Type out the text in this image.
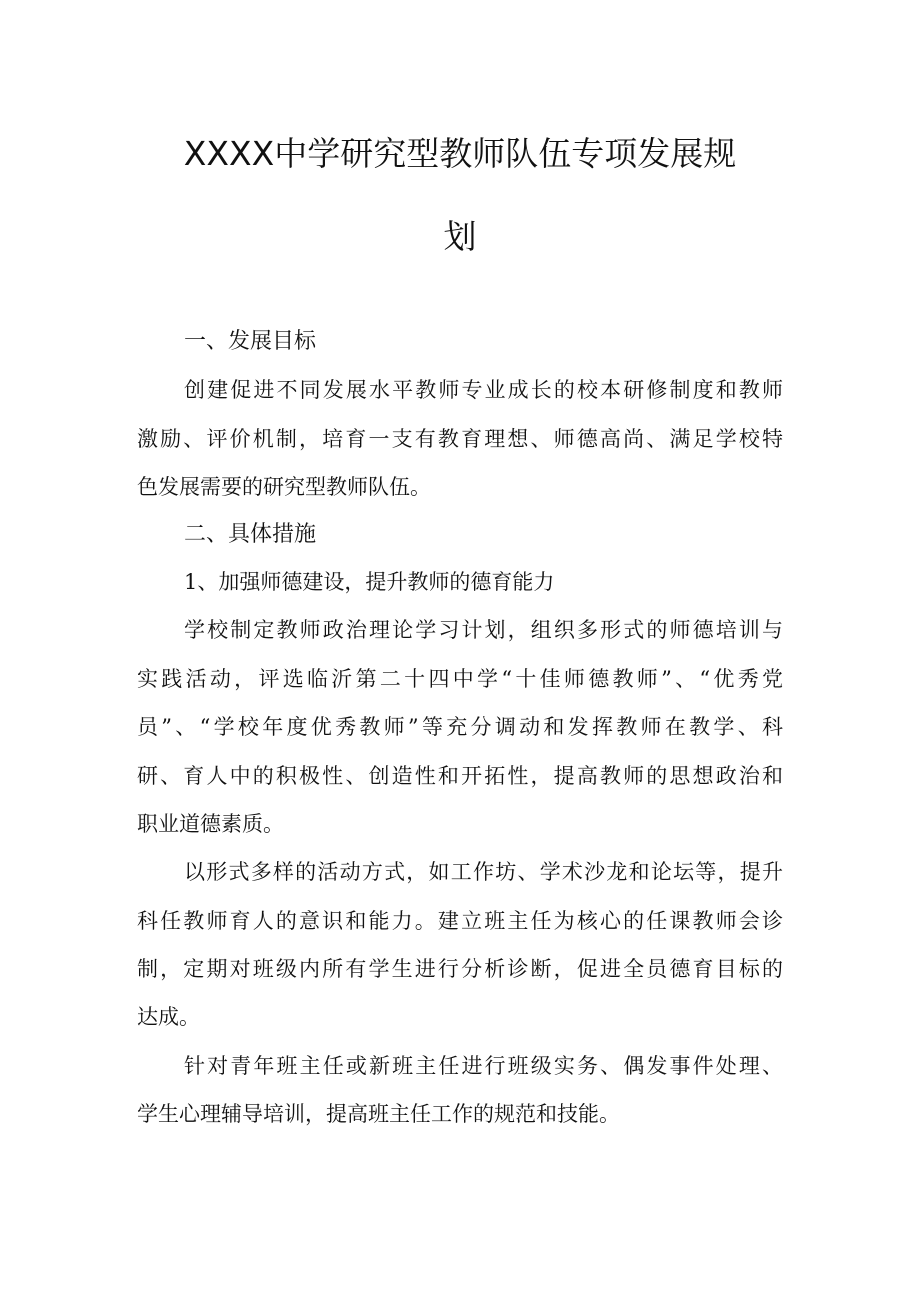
XXXX中学研究型教师队伍专项发展规
划
一、发展目标
创建促进不同发展水平教师专业成长的校本研修制度和教师
激励、评价机制，培育一支有教育理想、师德高尚、满足学校特
色发展需要的研究型教师队伍。
二、具体措施
1、加强师德建设，提升教师的德育能力
学校制定教师政治理论学习计划，组织多形式的师德培训与
实践活动，评选临沂第二十四中学“十佳师德教师”、“优秀党
员”、“学校年度优秀教师”等充分调动和发挥教师在教学、科
研、育人中的积极性、创造性和开拓性，提高教师的思想政治和
职业道德素质。
以形式多样的活动方式，如工作坊、学术沙龙和论坛等，提升
科任教师育人的意识和能力。建立班主任为核心的任课教师会诊
制，定期对班级内所有学生进行分析诊断，促进全员德育目标的
达成。
针对青年班主任或新班主任进行班级实务、偶发事件处理、
学生心理辅导培训，提高班主任工作的规范和技能。
